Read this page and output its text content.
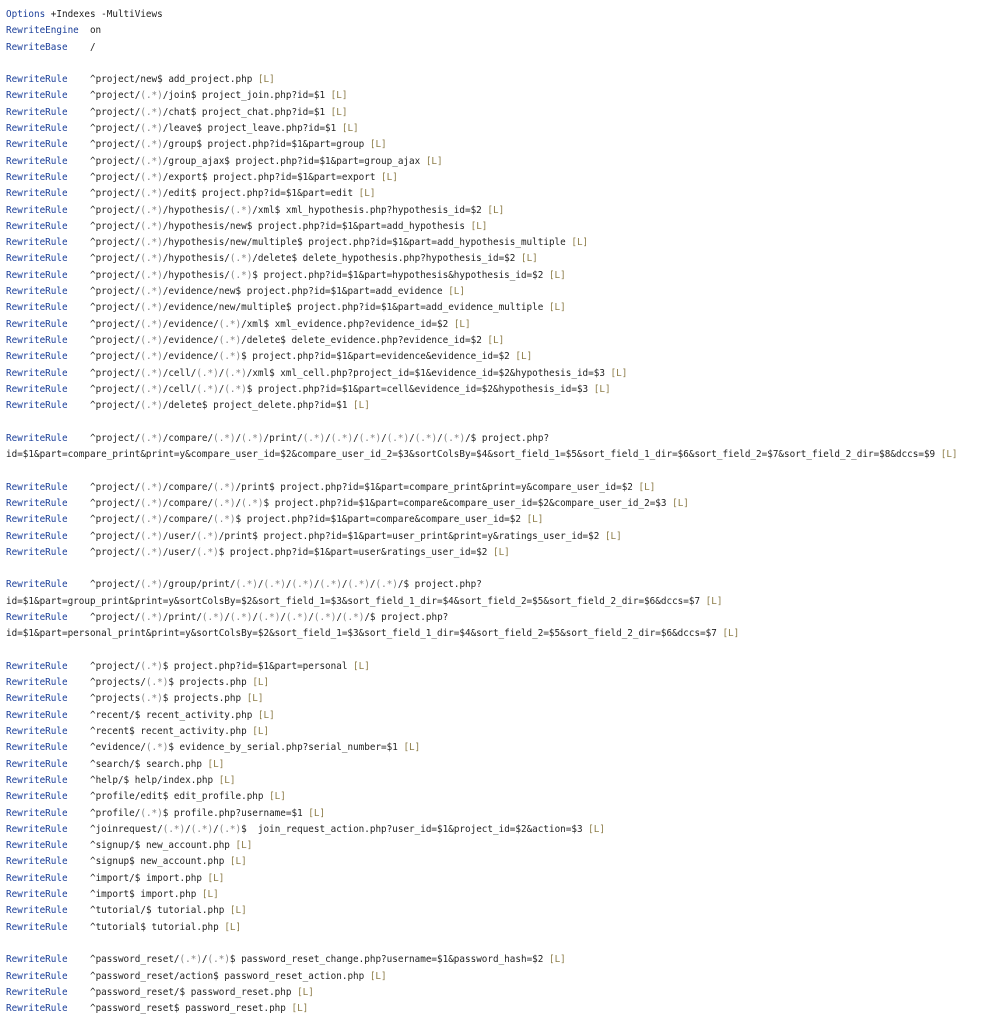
Options +Indexes -MultiViews
RewriteEngine  on
RewriteBase    /
RewriteRule    ^project/new$ add_project.php [L]
RewriteRule    ^project/(.*)/join$ project_join.php?id=$1 [L]
RewriteRule    ^project/(.*)/chat$ project_chat.php?id=$1 [L]
RewriteRule    ^project/(.*)/leave$ project_leave.php?id=$1 [L]
RewriteRule    ^project/(.*)/group$ project.php?id=$1&part=group [L]
RewriteRule    ^project/(.*)/group_ajax$ project.php?id=$1&part=group_ajax [L]
RewriteRule    ^project/(.*)/export$ project.php?id=$1&part=export [L]
RewriteRule    ^project/(.*)/edit$ project.php?id=$1&part=edit [L]
RewriteRule    ^project/(.*)/hypothesis/(.*)/xml$ xml_hypothesis.php?hypothesis_id=$2 [L]
RewriteRule    ^project/(.*)/hypothesis/new$ project.php?id=$1&part=add_hypothesis [L]
RewriteRule    ^project/(.*)/hypothesis/new/multiple$ project.php?id=$1&part=add_hypothesis_multiple [L]
RewriteRule    ^project/(.*)/hypothesis/(.*)/delete$ delete_hypothesis.php?hypothesis_id=$2 [L]
RewriteRule    ^project/(.*)/hypothesis/(.*)$ project.php?id=$1&part=hypothesis&hypothesis_id=$2 [L]
RewriteRule    ^project/(.*)/evidence/new$ project.php?id=$1&part=add_evidence [L]
RewriteRule    ^project/(.*)/evidence/new/multiple$ project.php?id=$1&part=add_evidence_multiple [L]
RewriteRule    ^project/(.*)/evidence/(.*)/xml$ xml_evidence.php?evidence_id=$2 [L]
RewriteRule    ^project/(.*)/evidence/(.*)/delete$ delete_evidence.php?evidence_id=$2 [L]
RewriteRule    ^project/(.*)/evidence/(.*)$ project.php?id=$1&part=evidence&evidence_id=$2 [L]
RewriteRule    ^project/(.*)/cell/(.*)/(.*)/xml$ xml_cell.php?project_id=$1&evidence_id=$2&hypothesis_id=$3 [L]
RewriteRule    ^project/(.*)/cell/(.*)/(.*)$ project.php?id=$1&part=cell&evidence_id=$2&hypothesis_id=$3 [L]
RewriteRule    ^project/(.*)/delete$ project_delete.php?id=$1 [L]
RewriteRule    ^project/(.*)/compare/(.*)/(.*)/print/(.*)/(.*)/(.*)/(.*)/(.*)/(.*)/$ project.php?
id=$1&part=compare_print&print=y&compare_user_id=$2&compare_user_id_2=$3&sortColsBy=$4&sort_field_1=$5&sort_field_1_dir=$6&sort_field_2=$7&sort_field_2_dir=$8&dccs=$9 [L]
RewriteRule    ^project/(.*)/compare/(.*)/print$ project.php?id=$1&part=compare_print&print=y&compare_user_id=$2 [L]
RewriteRule    ^project/(.*)/compare/(.*)/(.*)$ project.php?id=$1&part=compare&compare_user_id=$2&compare_user_id_2=$3 [L]
RewriteRule    ^project/(.*)/compare/(.*)$ project.php?id=$1&part=compare&compare_user_id=$2 [L]
RewriteRule    ^project/(.*)/user/(.*)/print$ project.php?id=$1&part=user_print&print=y&ratings_user_id=$2 [L]
RewriteRule    ^project/(.*)/user/(.*)$ project.php?id=$1&part=user&ratings_user_id=$2 [L]
RewriteRule    ^project/(.*)/group/print/(.*)/(.*)/(.*)/(.*)/(.*)/(.*)/$ project.php?
id=$1&part=group_print&print=y&sortColsBy=$2&sort_field_1=$3&sort_field_1_dir=$4&sort_field_2=$5&sort_field_2_dir=$6&dccs=$7 [L]
RewriteRule    ^project/(.*)/print/(.*)/(.*)/(.*)/(.*)/(.*)/(.*)/$ project.php?
id=$1&part=personal_print&print=y&sortColsBy=$2&sort_field_1=$3&sort_field_1_dir=$4&sort_field_2=$5&sort_field_2_dir=$6&dccs=$7 [L]
RewriteRule    ^project/(.*)$ project.php?id=$1&part=personal [L]
RewriteRule    ^projects/(.*)$ projects.php [L]
RewriteRule    ^projects(.*)$ projects.php [L]
RewriteRule    ^recent/$ recent_activity.php [L]
RewriteRule    ^recent$ recent_activity.php [L]
RewriteRule    ^evidence/(.*)$ evidence_by_serial.php?serial_number=$1 [L]
RewriteRule    ^search/$ search.php [L]
RewriteRule    ^help/$ help/index.php [L]
RewriteRule    ^profile/edit$ edit_profile.php [L]
RewriteRule    ^profile/(.*)$ profile.php?username=$1 [L]
RewriteRule    ^joinrequest/(.*)/(.*)/(.*)$  join_request_action.php?user_id=$1&project_id=$2&action=$3 [L]
RewriteRule    ^signup/$ new_account.php [L]
RewriteRule    ^signup$ new_account.php [L]
RewriteRule    ^import/$ import.php [L]
RewriteRule    ^import$ import.php [L]
RewriteRule    ^tutorial/$ tutorial.php [L]
RewriteRule    ^tutorial$ tutorial.php [L]
RewriteRule    ^password_reset/(.*)/(.*)$ password_reset_change.php?username=$1&password_hash=$2 [L]
RewriteRule    ^password_reset/action$ password_reset_action.php [L]
RewriteRule    ^password_reset/$ password_reset.php [L]
RewriteRule    ^password_reset$ password_reset.php [L]
